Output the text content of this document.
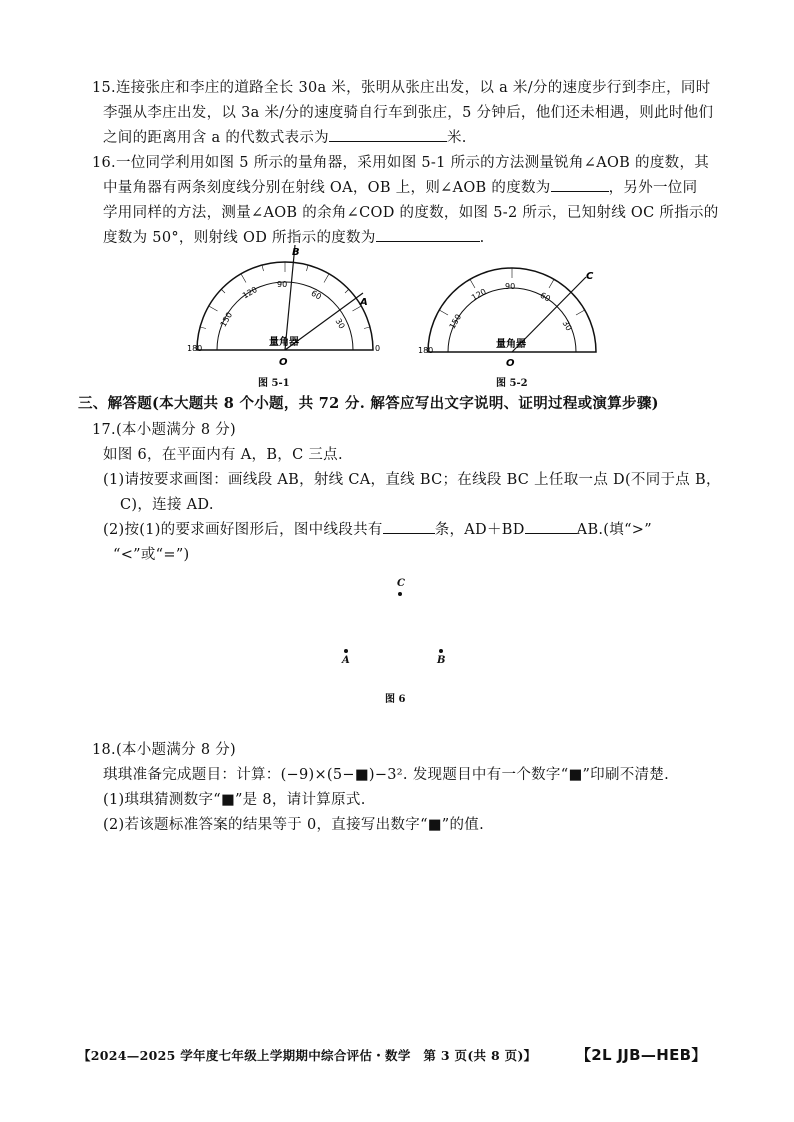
15.连接张庄和李庄的道路全长 30a 米，张明从张庄出发，以 a 米/分的速度步行到李庄，同时
李强从李庄出发，以 3a 米/分的速度骑自行车到张庄，5 分钟后，他们还未相遇，则此时他们
之间的距离用含 a 的代数式表示为	米.
16.一位同学利用如图 5 所示的量角器，采用如图 5-1 所示的方法测量锐角∠AOB 的度数，其
中量角器有两条刻度线分别在射线 OA，OB 上，则∠AOB 的度数为	，另外一位同
学用同样的方法，测量∠AOB 的余角∠COD 的度数，如图 5-2 所示，已知射线 OC 所指示的
度数为 50°，则射线 OD 所指示的度数为	.
180
150
120
90
60
30
0
量角器
O
A
B
图 5-1
180
150
120
90
60
30
量角器
O
C
图 5-2
三、解答题(本大题共 8 个小题，共 72 分. 解答应写出文字说明、证明过程或演算步骤)
17.(本小题满分 8 分)
如图 6，在平面内有 A，B，C 三点.
(1)请按要求画图：画线段 AB，射线 CA，直线 BC；在线段 BC 上任取一点 D(不同于点 B，
C)，连接 AD.
(2)按(1)的要求画好图形后，图中线段共有	条，AD＋BD	AB.(填“>”
“<”或“=”)
C
A	B
图 6
18.(本小题满分 8 分)
琪琪准备完成题目：计算：(−9)×(5−■)−3². 发现题目中有一个数字“■”印刷不清楚.
(1)琪琪猜测数字“■”是 8，请计算原式.
(2)若该题标准答案的结果等于 0，直接写出数字“■”的值.
【2024—2025 学年度七年级上学期期中综合评估・数学　第 3 页(共 8 页)】	【2L JJB—HEB】
